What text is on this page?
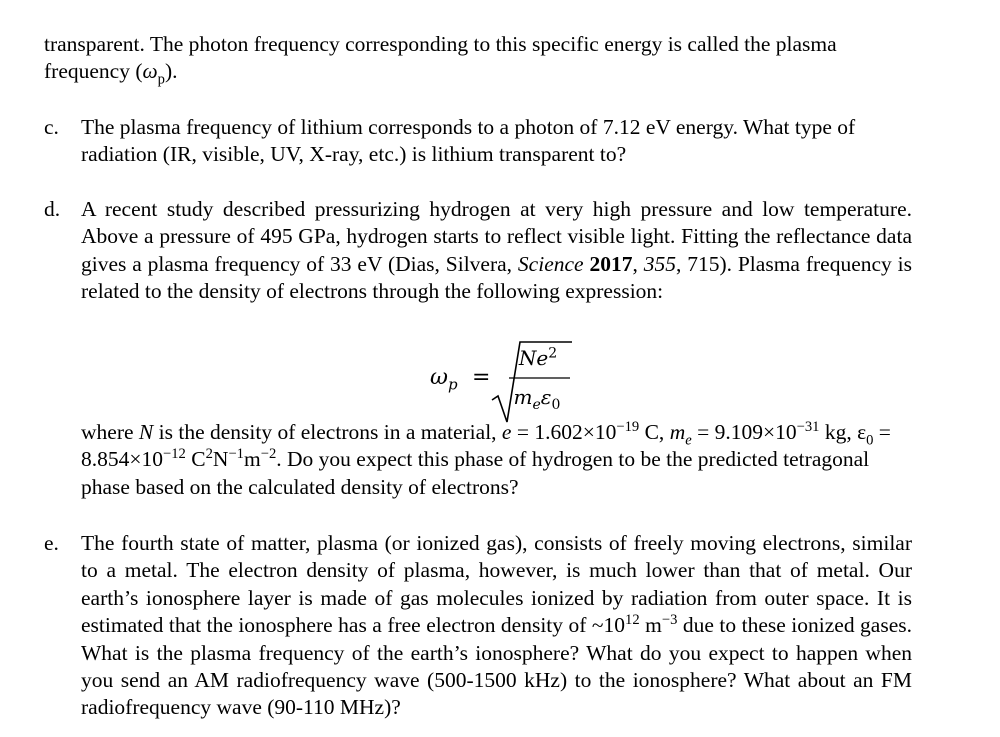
transparent. The photon frequency corresponding to this specific energy is called the plasma frequency $(\omega_p)$.

c. The plasma frequency of lithium corresponds to a photon of 7.12 eV energy. What type of radiation (IR, visible, UV, X-ray, etc.) is lithium transparent to?

d. A recent study described pressurizing hydrogen at very high pressure and low temperature. Above a pressure of 495 GPa, hydrogen starts to reflect visible light. Fitting the reflectance data gives a plasma frequency of 33 eV (Dias, Silvera, Science 2017, 355, 715). Plasma frequency is related to the density of electrons through the following expression:

$\omega_p$ =
$Ne^2$
$m_e\varepsilon_0$

where N is the density of electrons in a material, $e = 1.602\times 10^{-19}$ C, $m_e = 9.109\times 10^{-31}$ kg, $\varepsilon_0 = 8.854\times 10^{-12}$ $C^2N^{-1}m^{-2}$. Do you expect this phase of hydrogen to be the predicted tetragonal phase based on the calculated density of electrons?

e. The fourth state of matter, plasma (or ionized gas), consists of freely moving electrons, similar to a metal. The electron density of plasma, however, is much lower than that of metal. Our earth’s ionosphere layer is made of gas molecules ionized by radiation from outer space. It is estimated that the ionosphere has a free electron density of $\sim 10^{12}$ $m^{-3}$ due to these ionized gases. What is the plasma frequency of the earth’s ionosphere? What do you expect to happen when you send an AM radiofrequency wave (500-1500 kHz) to the ionosphere? What about an FM radiofrequency wave (90-110 MHz)?
